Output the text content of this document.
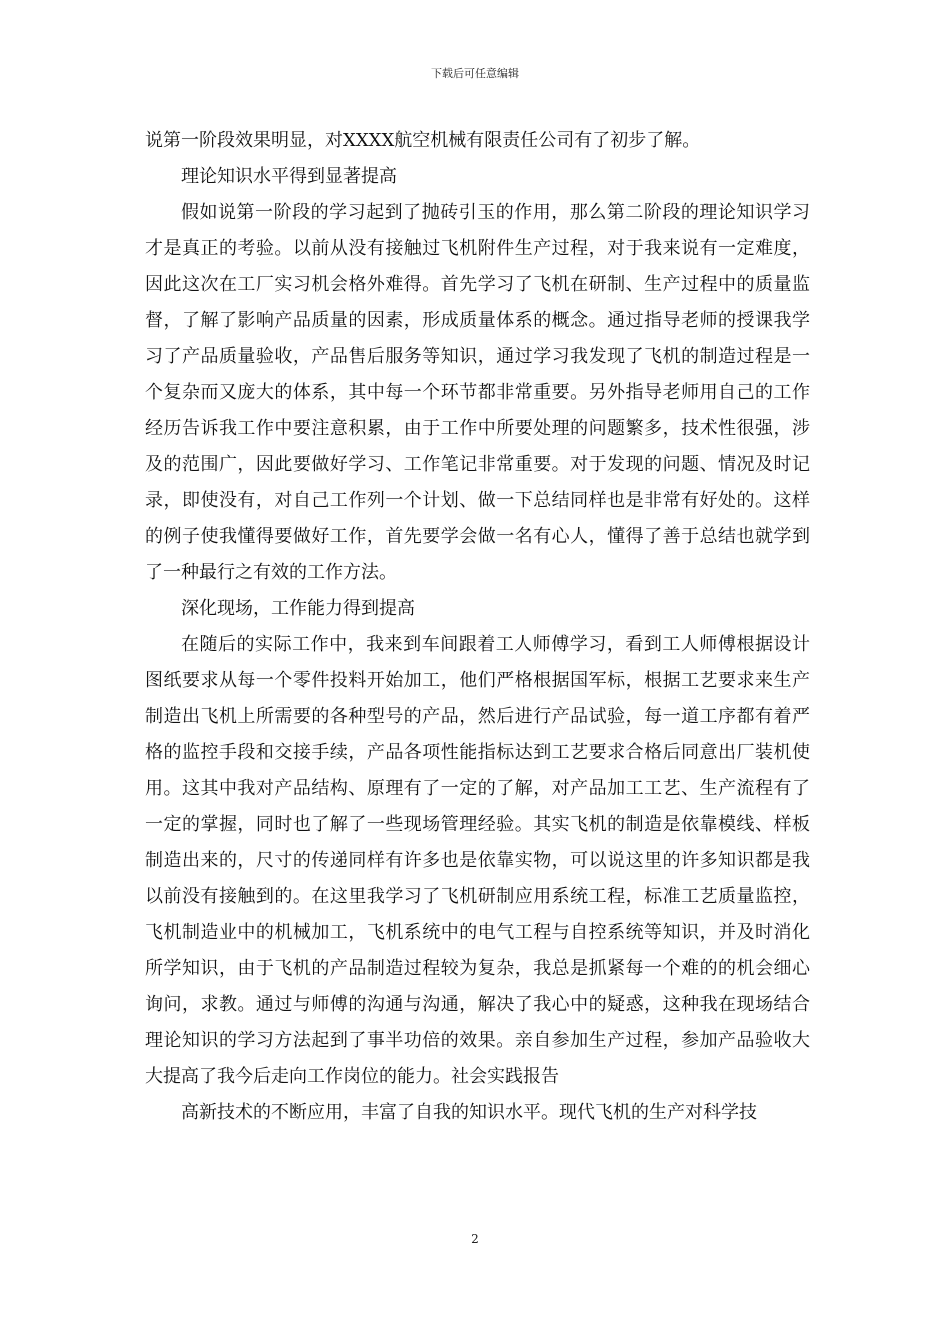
下载后可任意编辑

说第一阶段效果明显，对XXXX航空机械有限责任公司有了初步了解。

理论知识水平得到显著提高

假如说第一阶段的学习起到了抛砖引玉的作用，那么第二阶段的理论知识学习才是真正的考验。以前从没有接触过飞机附件生产过程，对于我来说有一定难度，因此这次在工厂实习机会格外难得。首先学习了飞机在研制、生产过程中的质量监督，了解了影响产品质量的因素，形成质量体系的概念。通过指导老师的授课我学习了产品质量验收，产品售后服务等知识，通过学习我发现了飞机的制造过程是一个复杂而又庞大的体系，其中每一个环节都非常重要。另外指导老师用自己的工作经历告诉我工作中要注意积累，由于工作中所要处理的问题繁多，技术性很强，涉及的范围广，因此要做好学习、工作笔记非常重要。对于发现的问题、情况及时记录，即使没有，对自己工作列一个计划、做一下总结同样也是非常有好处的。这样的例子使我懂得要做好工作，首先要学会做一名有心人，懂得了善于总结也就学到了一种最行之有效的工作方法。

深化现场，工作能力得到提高

在随后的实际工作中，我来到车间跟着工人师傅学习，看到工人师傅根据设计图纸要求从每一个零件投料开始加工，他们严格根据国军标，根据工艺要求来生产制造出飞机上所需要的各种型号的产品，然后进行产品试验，每一道工序都有着严格的监控手段和交接手续，产品各项性能指标达到工艺要求合格后同意出厂装机使用。这其中我对产品结构、原理有了一定的了解，对产品加工工艺、生产流程有了一定的掌握，同时也了解了一些现场管理经验。其实飞机的制造是依靠模线、样板制造出来的，尺寸的传递同样有许多也是依靠实物，可以说这里的许多知识都是我以前没有接触到的。在这里我学习了飞机研制应用系统工程，标准工艺质量监控，飞机制造业中的机械加工，飞机系统中的电气工程与自控系统等知识，并及时消化所学知识，由于飞机的产品制造过程较为复杂，我总是抓紧每一个难的的机会细心询问，求教。通过与师傅的沟通与沟通，解决了我心中的疑惑，这种我在现场结合理论知识的学习方法起到了事半功倍的效果。亲自参加生产过程，参加产品验收大大提高了我今后走向工作岗位的能力。社会实践报告

高新技术的不断应用，丰富了自我的知识水平。现代飞机的生产对科学技

2
